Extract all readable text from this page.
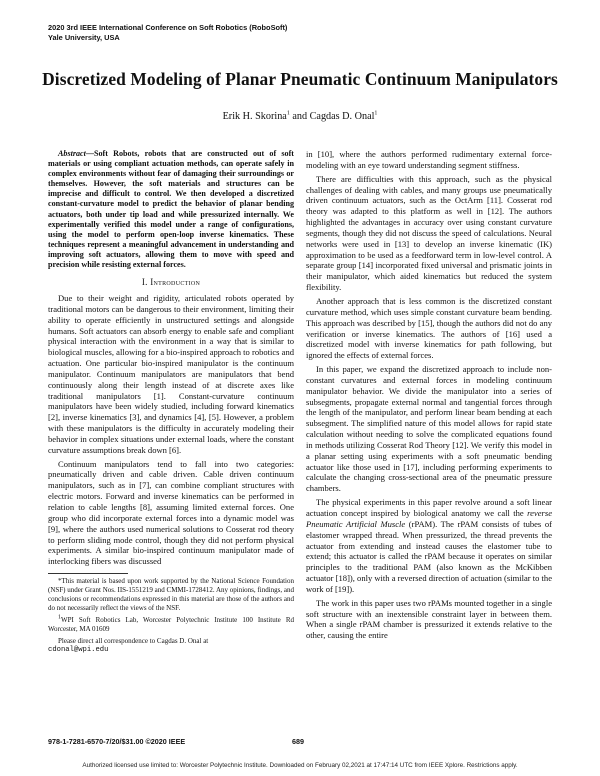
2020 3rd IEEE International Conference on Soft Robotics (RoboSoft)
Yale University, USA
Discretized Modeling of Planar Pneumatic Continuum Manipulators
Erik H. Skorina$^1$ and Cagdas D. Onal$^1$

Abstract—Soft Robots, robots that are constructed out of soft materials or using compliant actuation methods, can operate safely in complex environments without fear of damaging their surroundings or themselves. However, the soft materials and structures can be imprecise and difficult to control. We then developed a discretized constant-curvature model to predict the behavior of planar bending actuators, both under tip load and while pressurized internally. We experimentally verified this model under a range of configurations, using the model to perform open-loop inverse kinematics. These techniques represent a meaningful advancement in understanding and improving soft actuators, allowing them to move with speed and precision while resisting external forces.

I. Introduction

Due to their weight and rigidity, articulated robots operated by traditional motors can be dangerous to their environment, limiting their ability to operate efficiently in unstructured settings and alongside humans. Soft actuators can absorb energy to enable safe and compliant physical interaction with the environment in a way that is similar to biological muscles, allowing for a bio-inspired approach to robotics and actuation. One particular bio-inspired manipulator is the continuum manipulator. Continuum manipulators are manipulators that bend continuously along their length instead of at discrete axes like traditional manipulators [1]. Constant-curvature continuum manipulators have been widely studied, including forward kinematics [2], inverse kinematics [3], and dynamics [4], [5]. However, a problem with these manipulators is the difficulty in accurately modeling their behavior in complex situations under external loads, where the constant curvature assumptions break down [6].

Continuum manipulators tend to fall into two categories: pneumatically driven and cable driven. Cable driven continuum manipulators, such as in [7], can combine compliant structures with electric motors. Forward and inverse kinematics can be performed in relation to cable lengths [8], assuming limited external forces. One group who did incorporate external forces into a dynamic model was [9], where the authors used numerical solutions to Cosserat rod theory to perform sliding mode control, though they did not perform physical experiments. A similar bio-inspired continuum manipulator made of interlocking fibers was discussed

*This material is based upon work supported by the National Science Foundation (NSF) under Grant Nos. IIS-1551219 and CMMI-1728412. Any opinions, findings, and conclusions or recommendations expressed in this material are those of the authors and do not necessarily reflect the views of the NSF.

$^1$WPI Soft Robotics Lab, Worcester Polytechnic Institute 100 Institute Rd Worcester, MA 01609

Please direct all correspondence to Cagdas D. Onal at

cdonal@wpi.edu

in [10], where the authors performed rudimentary external force-modeling with an eye toward understanding segment stiffness.

There are difficulties with this approach, such as the physical challenges of dealing with cables, and many groups use pneumatically driven continuum actuators, such as the OctArm [11]. Cosserat rod theory was adapted to this platform as well in [12]. The authors highlighted the advantages in accuracy over using constant curvature segments, though they did not discuss the speed of calculations. Neural networks were used in [13] to develop an inverse kinematic (IK) approximation to be used as a feedforward term in low-level control. A separate group [14] incorporated fixed universal and prismatic joints in their manipulator, which aided kinematics but reduced the system flexibility.

Another approach that is less common is the discretized constant curvature method, which uses simple constant curvature beam bending. This approach was described by [15], though the authors did not do any verification or inverse kinematics. The authors of [16] used a discretized model with inverse kinematics for path following, but ignored the effects of external forces.

In this paper, we expand the discretized approach to include non-constant curvatures and external forces in modeling continuum manipulator behavior. We divide the manipulator into a series of subsegments, propagate external normal and tangential forces through the length of the manipulator, and perform linear beam bending at each subsegment. The simplified nature of this model allows for rapid state calculation without needing to solve the complicated equations found in methods utilizing Cosserat Rod Theory [12]. We verify this model in a planar setting using experiments with a soft pneumatic bending actuator like those used in [17], including performing experiments to calculate the changing cross-sectional area of the pneumatic pressure chambers.

The physical experiments in this paper revolve around a soft linear actuation concept inspired by biological anatomy we call the reverse Pneumatic Artificial Muscle (rPAM). The rPAM consists of tubes of elastomer wrapped thread. When pressurized, the thread prevents the actuator from extending and instead causes the elastomer tube to extend; this actuator is called the rPAM because it operates on similar principles to the traditional PAM (also known as the McKibben actuator [18]), only with a reversed direction of actuation (similar to the work of [19]).

The work in this paper uses two rPAMs mounted together in a single soft structure with an inextensible constraint layer in between them. When a single rPAM chamber is pressurized it extends relative to the other, causing the entire

978-1-7281-6570-7/20/$31.00 ©2020 IEEE	689
Authorized licensed use limited to: Worcester Polytechnic Institute. Downloaded on February 02,2021 at 17:47:14 UTC from IEEE Xplore. Restrictions apply.
